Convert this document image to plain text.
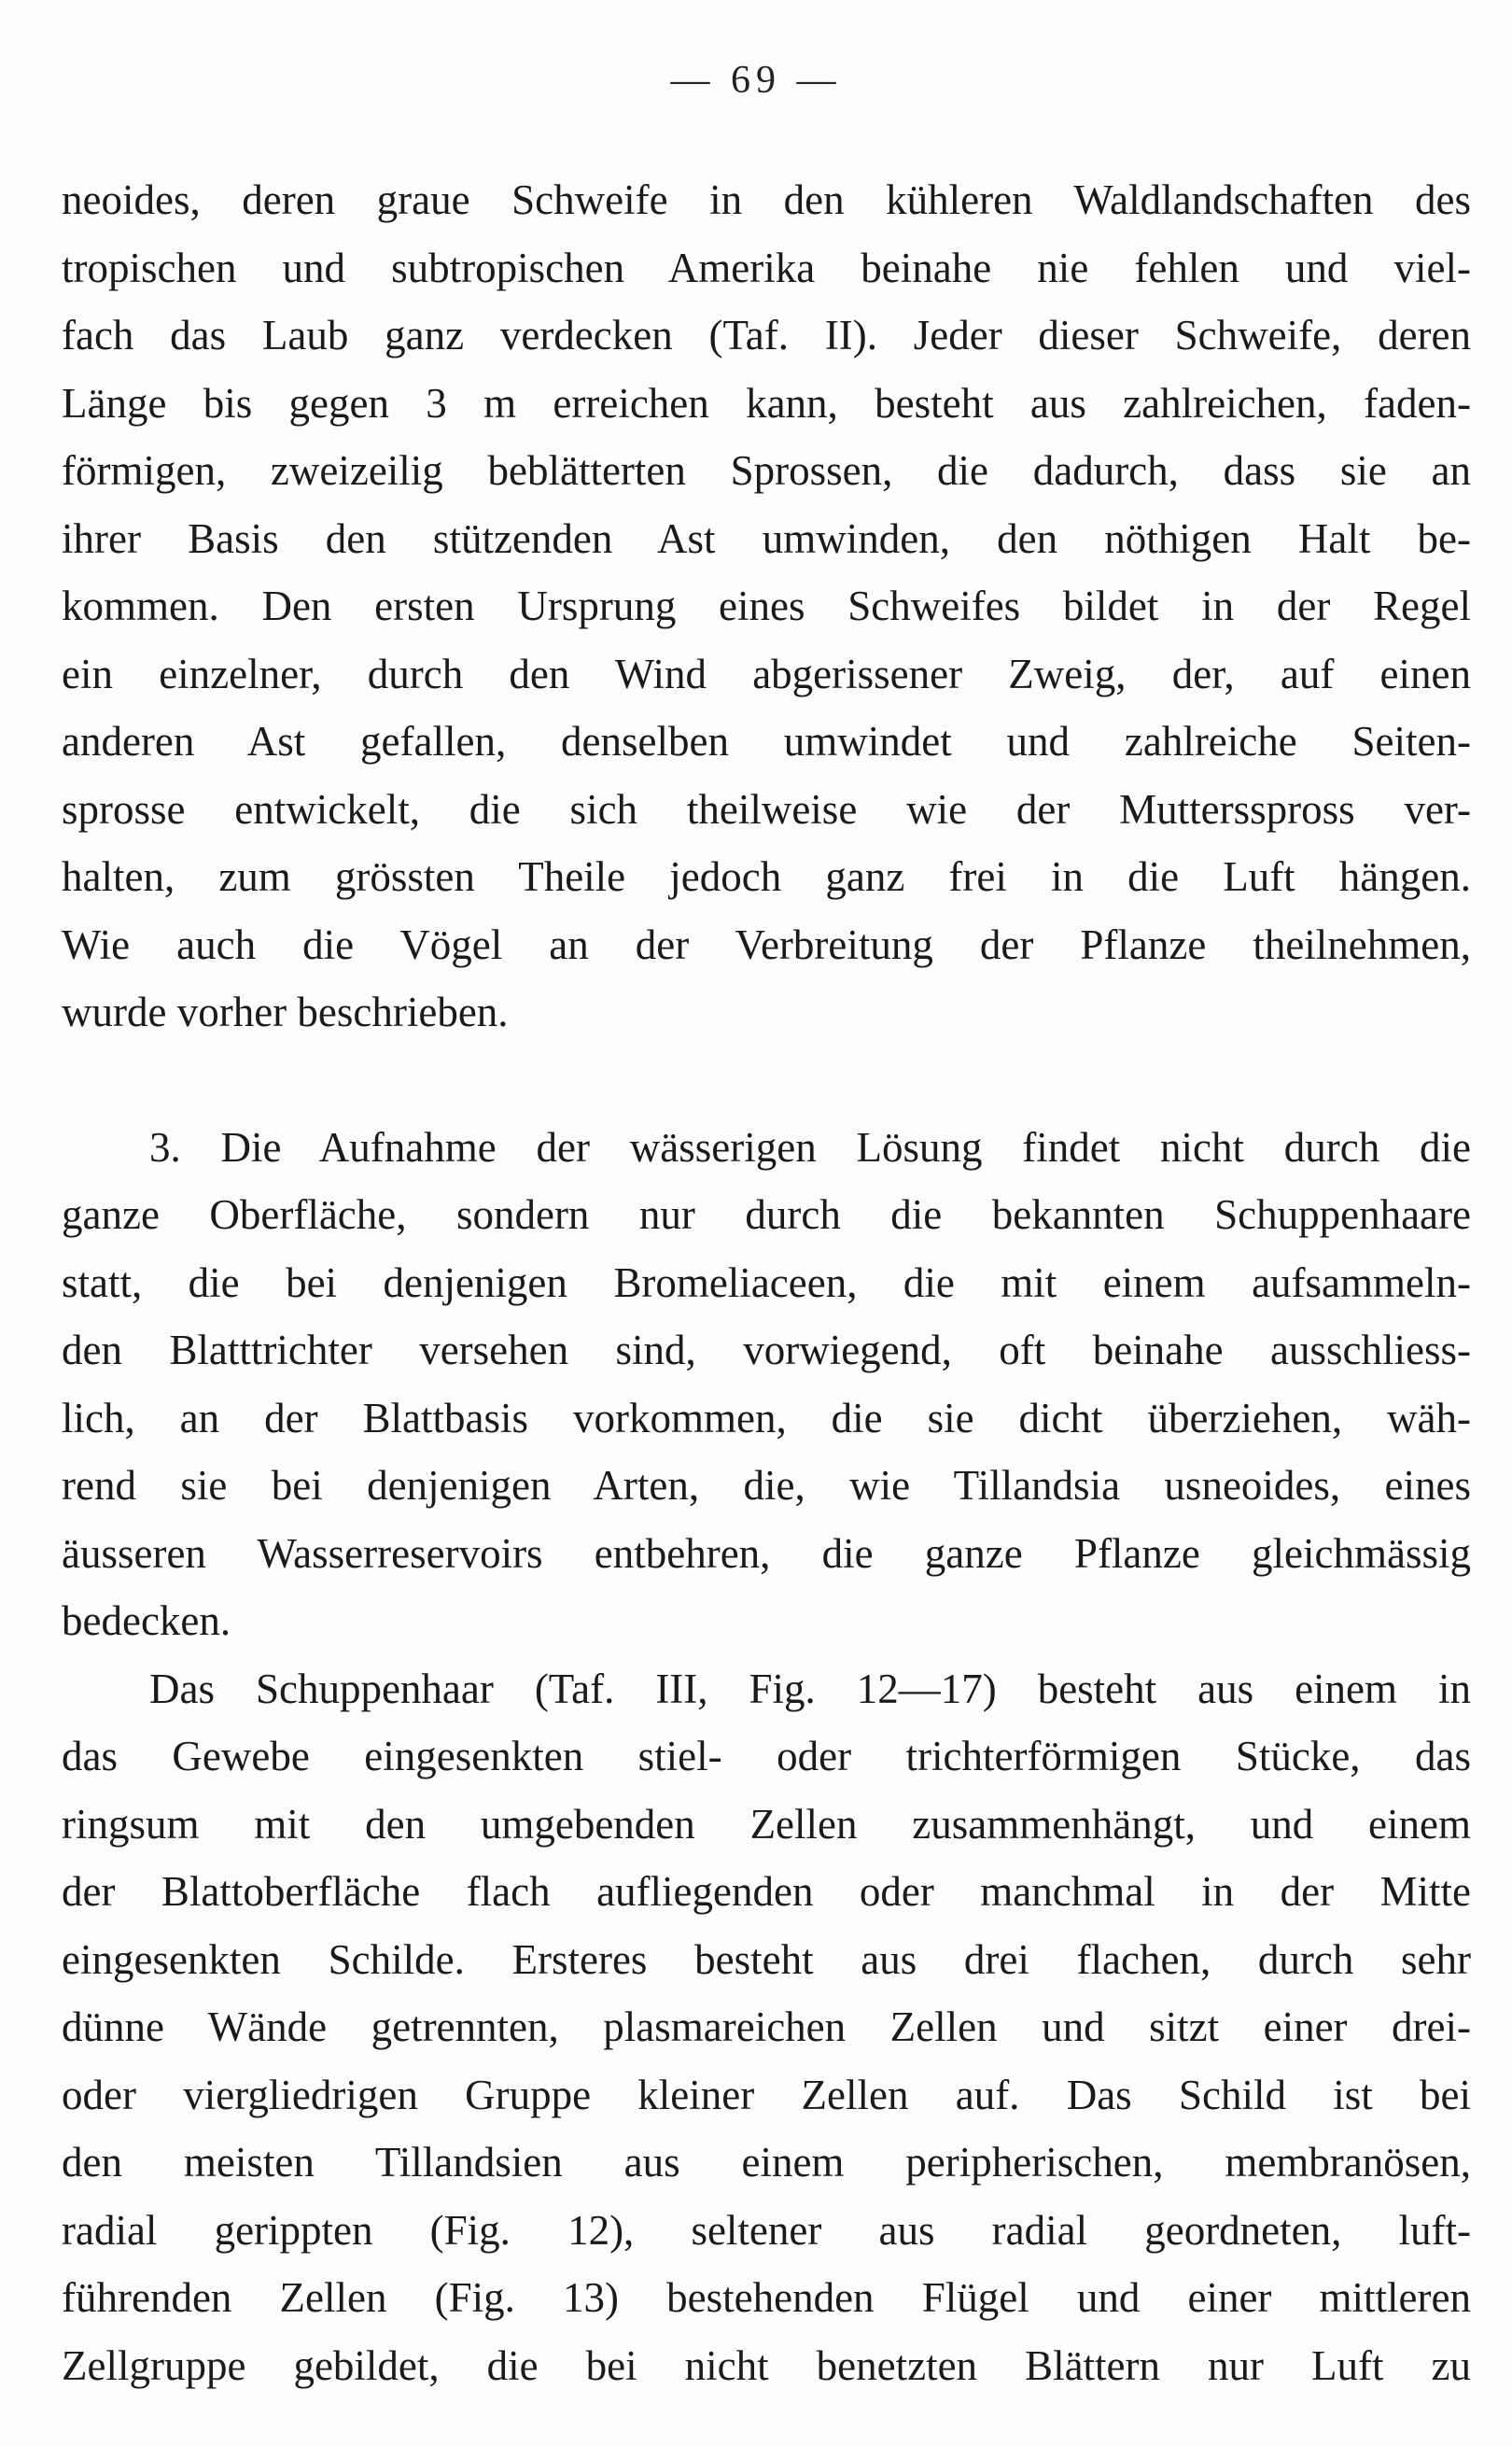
— 69 —

neoides, deren graue Schweife in den kühleren Waldlandschaften des
tropischen und subtropischen Amerika beinahe nie fehlen und viel-
fach das Laub ganz verdecken (Taf. II). Jeder dieser Schweife, deren
Länge bis gegen 3 m erreichen kann, besteht aus zahlreichen, faden-
förmigen, zweizeilig beblätterten Sprossen, die dadurch, dass sie an
ihrer Basis den stützenden Ast umwinden, den nöthigen Halt be-
kommen. Den ersten Ursprung eines Schweifes bildet in der Regel
ein einzelner, durch den Wind abgerissener Zweig, der, auf einen
anderen Ast gefallen, denselben umwindet und zahlreiche Seiten-
sprosse entwickelt, die sich theilweise wie der Muttersspross ver-
halten, zum grössten Theile jedoch ganz frei in die Luft hängen.
Wie auch die Vögel an der Verbreitung der Pflanze theilnehmen,
wurde vorher beschrieben.

3. Die Aufnahme der wässerigen Lösung findet nicht durch die
ganze Oberfläche, sondern nur durch die bekannten Schuppenhaare
statt, die bei denjenigen Bromeliaceen, die mit einem aufsammeln-
den Blatttrichter versehen sind, vorwiegend, oft beinahe ausschliess-
lich, an der Blattbasis vorkommen, die sie dicht überziehen, wäh-
rend sie bei denjenigen Arten, die, wie Tillandsia usneoides, eines
äusseren Wasserreservoirs entbehren, die ganze Pflanze gleichmässig
bedecken.

Das Schuppenhaar (Taf. III, Fig. 12—17) besteht aus einem in
das Gewebe eingesenkten stiel- oder trichterförmigen Stücke, das
ringsum mit den umgebenden Zellen zusammenhängt, und einem
der Blattoberfläche flach aufliegenden oder manchmal in der Mitte
eingesenkten Schilde. Ersteres besteht aus drei flachen, durch sehr
dünne Wände getrennten, plasmareichen Zellen und sitzt einer drei-
oder viergliedrigen Gruppe kleiner Zellen auf. Das Schild ist bei
den meisten Tillandsien aus einem peripherischen, membranösen,
radial gerippten (Fig. 12), seltener aus radial geordneten, luft-
führenden Zellen (Fig. 13) bestehenden Flügel und einer mittleren
Zellgruppe gebildet, die bei nicht benetzten Blättern nur Luft zu
